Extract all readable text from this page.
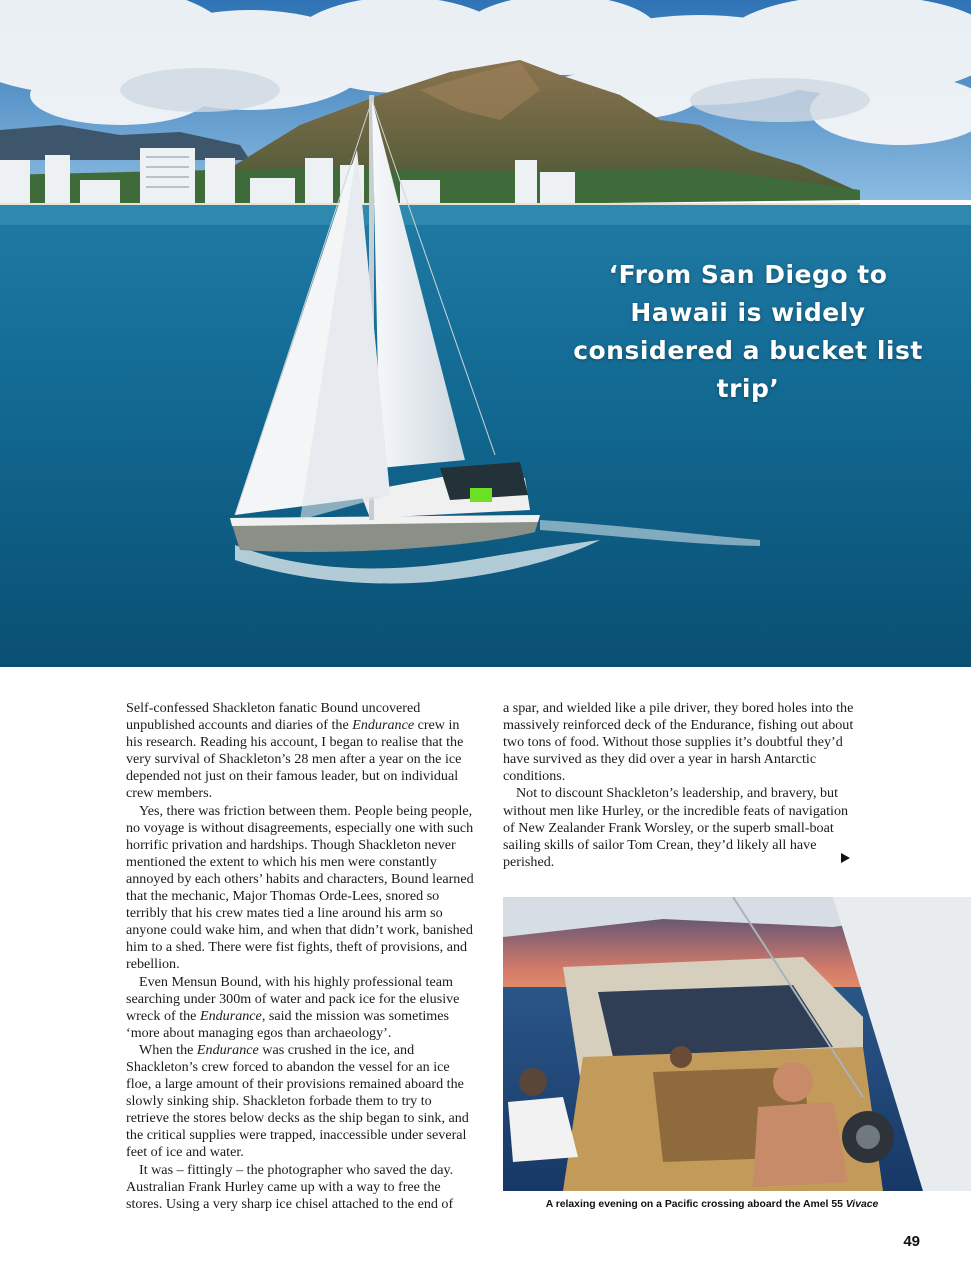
‘From San Diego to Hawaii is widely considered a bucket list trip’

Self-confessed Shackleton fanatic Bound uncovered unpublished accounts and diaries of the Endurance crew in his research. Reading his account, I began to realise that the very survival of Shackleton’s 28 men after a year on the ice depended not just on their famous leader, but on individual crew members.

Yes, there was friction between them. People being people, no voyage is without disagreements, especially one with such horrific privation and hardships. Though Shackleton never mentioned the extent to which his men were constantly annoyed by each others’ habits and characters, Bound learned that the mechanic, Major Thomas Orde-Lees, snored so terribly that his crew mates tied a line around his arm so anyone could wake him, and when that didn’t work, banished him to a shed. There were fist fights, theft of provisions, and rebellion.

Even Mensun Bound, with his highly professional team searching under 300m of water and pack ice for the elusive wreck of the Endurance, said the mission was sometimes ‘more about managing egos than archaeology’.

When the Endurance was crushed in the ice, and Shackleton’s crew forced to abandon the vessel for an ice floe, a large amount of their provisions remained aboard the slowly sinking ship. Shackleton forbade them to try to retrieve the stores below decks as the ship began to sink, and the critical supplies were trapped, inaccessible under several feet of ice and water.

It was – fittingly – the photographer who saved the day. Australian Frank Hurley came up with a way to free the stores. Using a very sharp ice chisel attached to the end of

a spar, and wielded like a pile driver, they bored holes into the massively reinforced deck of the Endurance, fishing out about two tons of food. Without those supplies it’s doubtful they’d have survived as they did over a year in harsh Antarctic conditions.

Not to discount Shackleton’s leadership, and bravery, but without men like Hurley, or the incredible feats of navigation of New Zealander Frank Worsley, or the superb small-boat sailing skills of sailor Tom Crean, they’d likely all have perished.

A relaxing evening on a Pacific crossing aboard the Amel 55 Vivace
49
